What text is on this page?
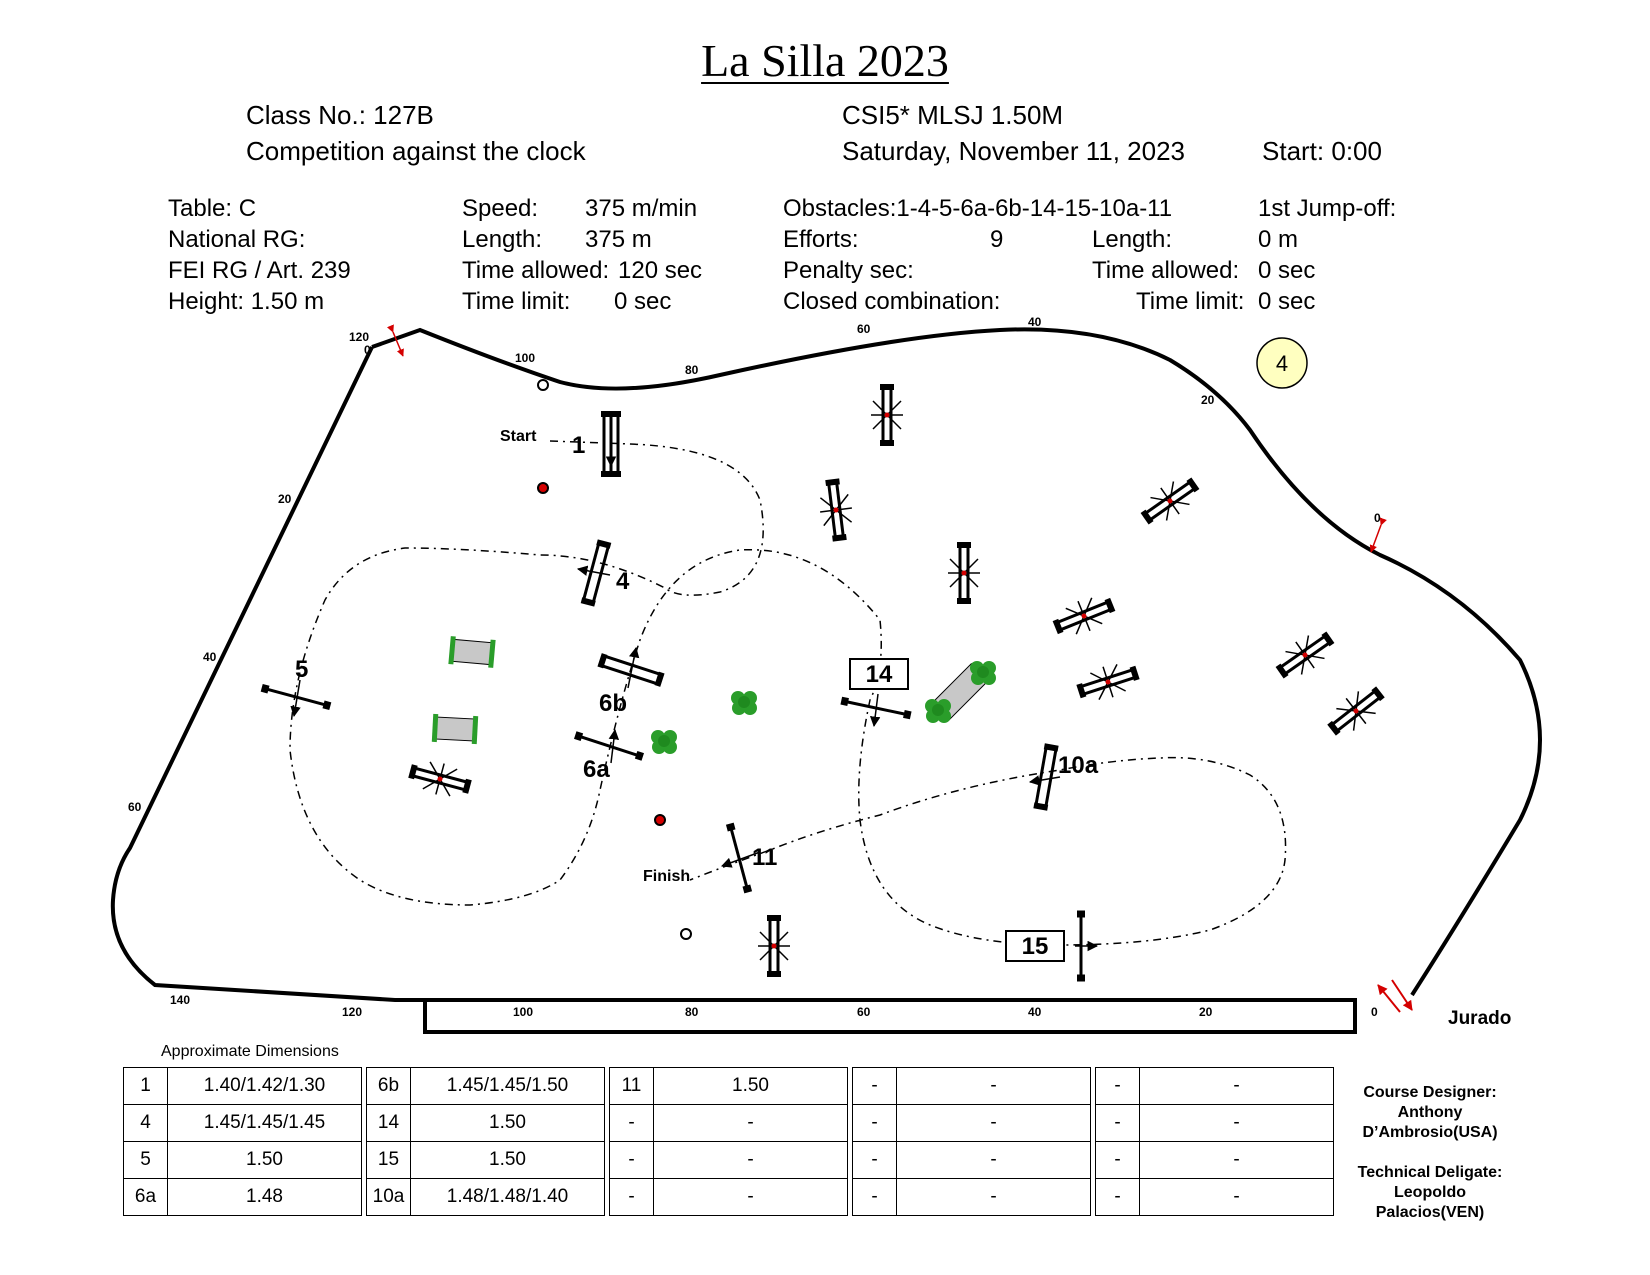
La Silla 2023
Class No.: 127B
Competition against the clock
CSI5* MLSJ 1.50M
Saturday, November 11, 2023	Start: 0:00
Table: C
National RG:
FEI RG / Art. 239
Height: 1.50 m
Speed: 375 m/min
Length: 375 m
Time allowed: 120 sec
Time limit: 0 sec
Obstacles:1-4-5-6a-6b-14-15-10a-11
Efforts:	9
Penalty sec:
Closed combination:
1st Jump-off:
Length:	0 m
Time allowed: 0 sec
Time limit: 0 sec
120
0
100
80
60	40
20
0
20
40
60
140
120	100	80	60	40	20	0	Jurado
4
Start
Finish
1
4
5
6a
6b
11
10a
14
15
Approximate Dimensions
1	1.40/1.42/1.30		6b	1.45/1.45/1.50		11	1.50		-	-		-	-
4	1.45/1.45/1.45		14	1.50		-	-		-	-		-	-
5	1.50		15	1.50		-	-		-	-		-	-
6a	1.48		10a	1.48/1.48/1.40		-	-		-	-		-	-
Course Designer:
Anthony
D’Ambrosio(USA)
Technical Deligate:
Leopoldo
Palacios(VEN)
